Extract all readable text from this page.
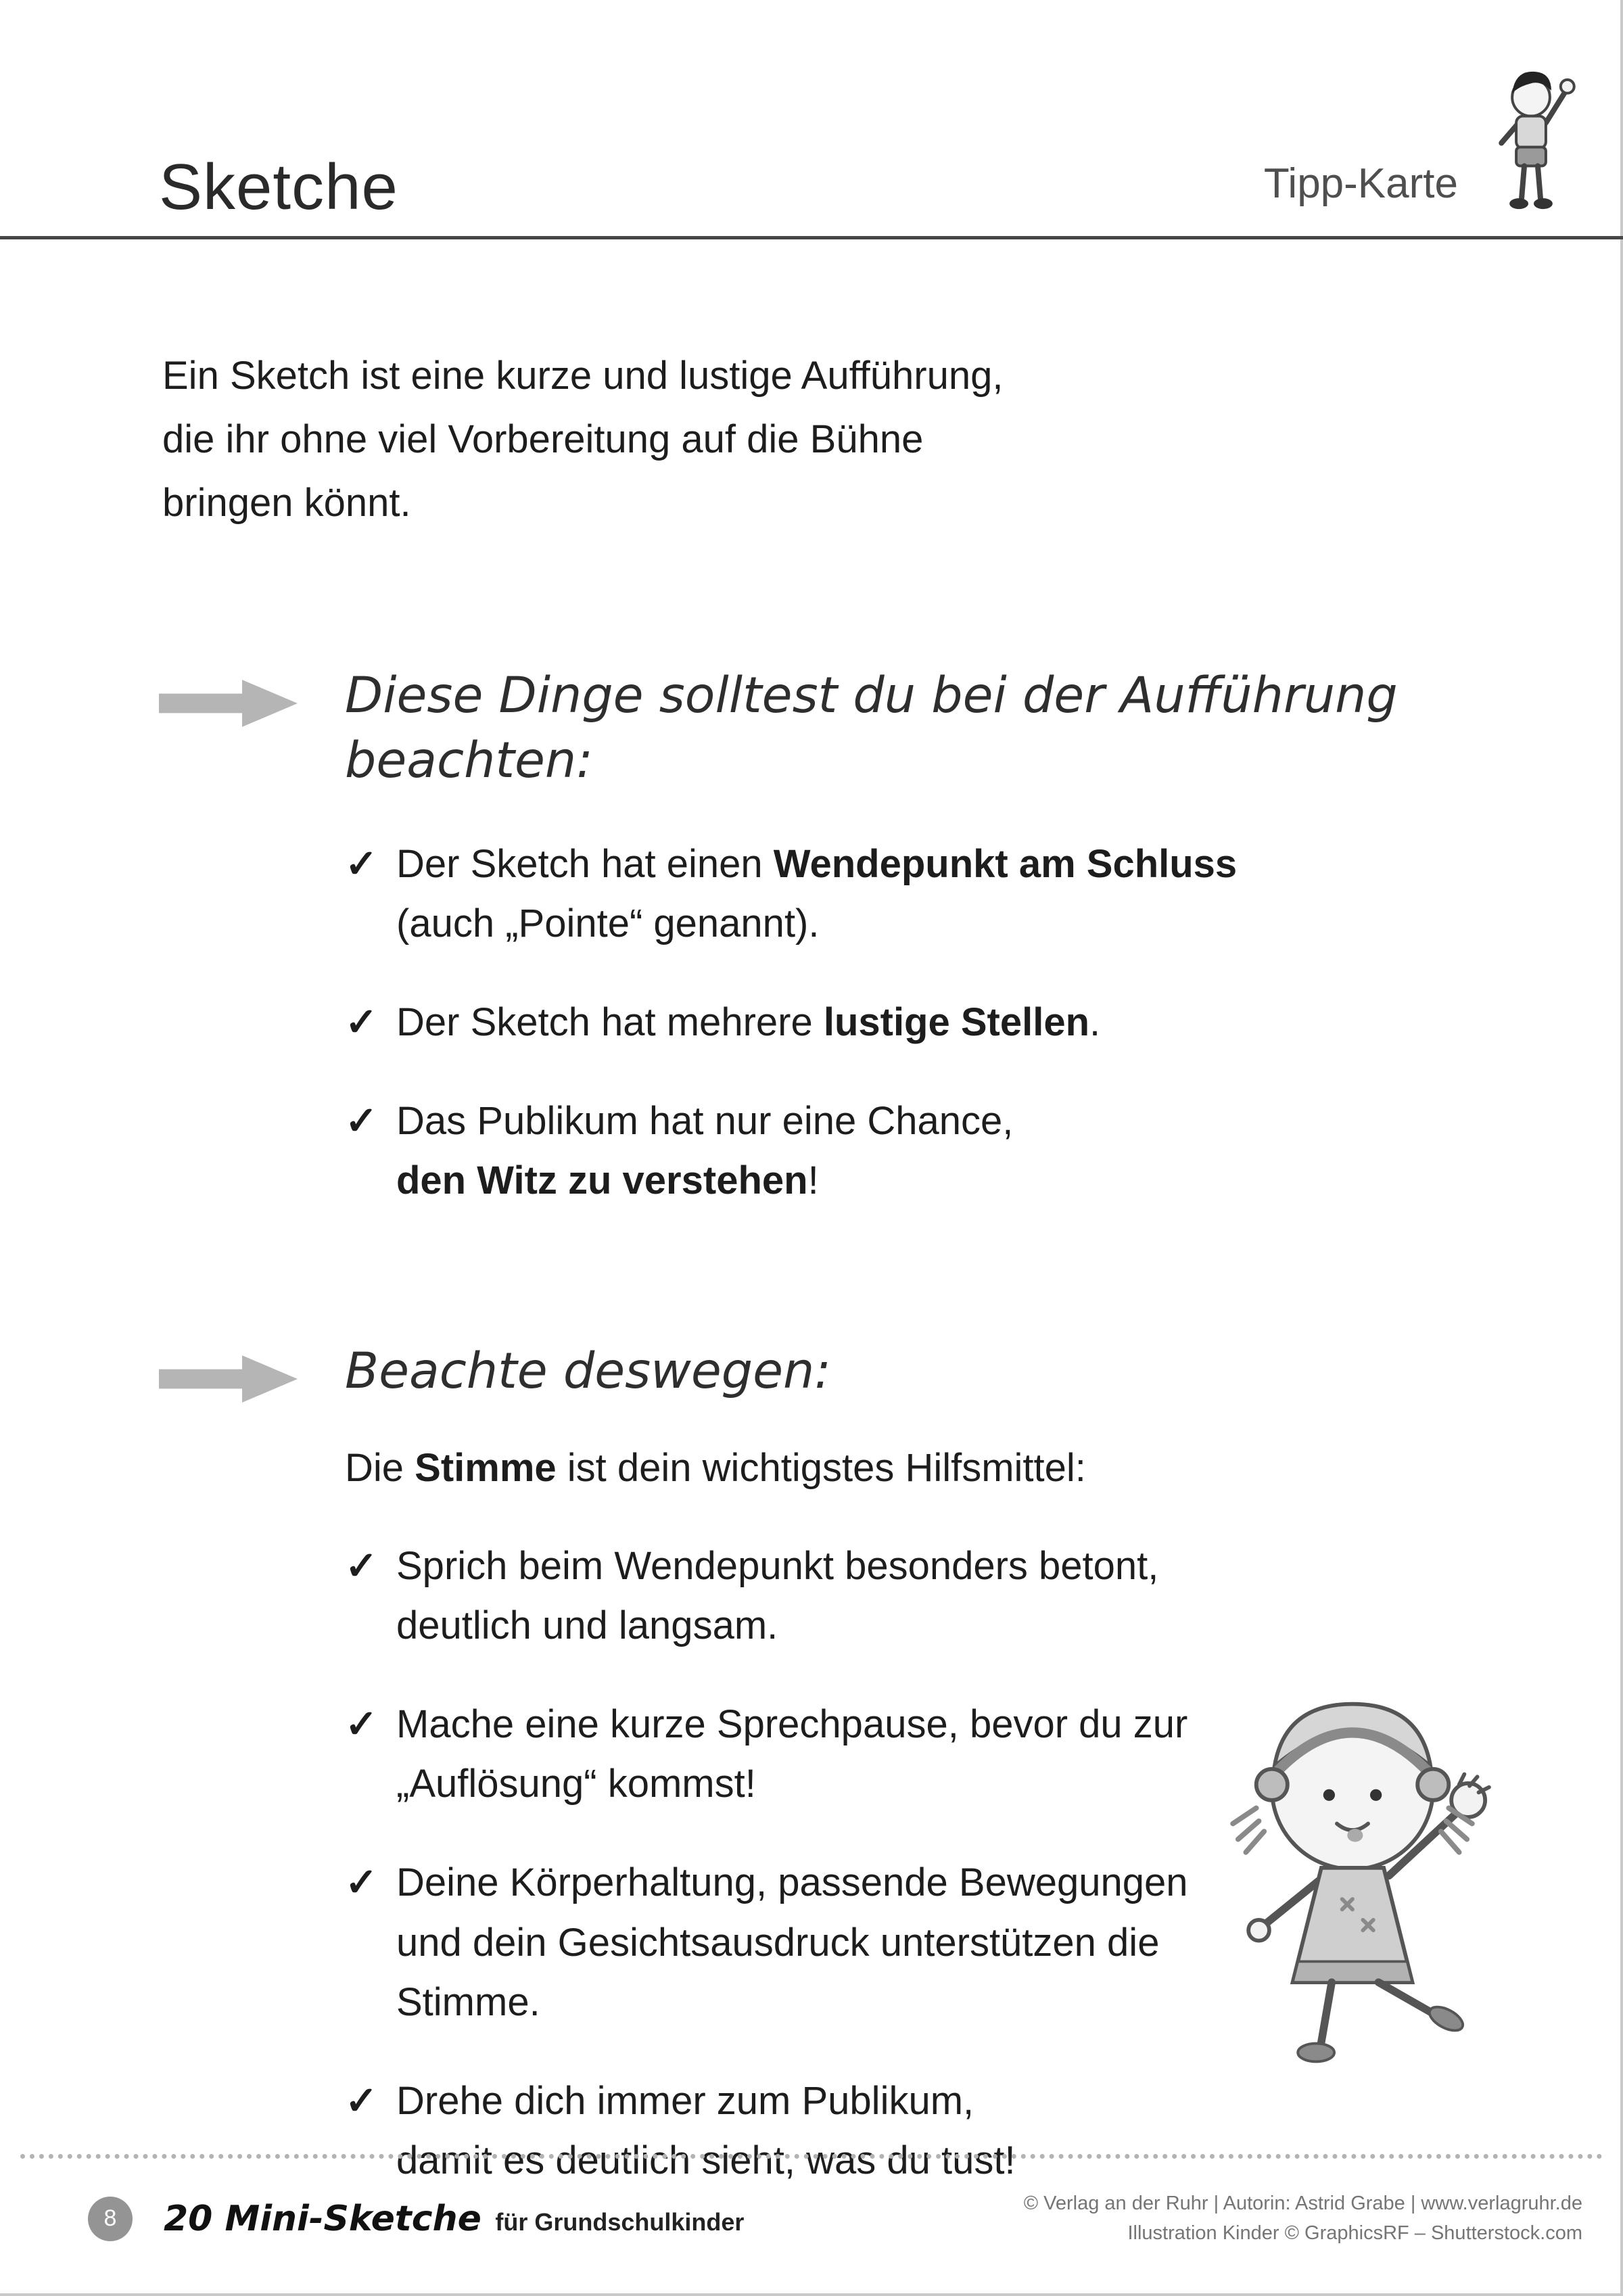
Sketche	Tipp-Karte

Ein Sketch ist eine kurze und lustige Aufführung,
die ihr ohne viel Vorbereitung auf die Bühne
bringen könnt.

Diese Dinge solltest du bei der Aufführung
beachten:
✓ Der Sketch hat einen Wendepunkt am Schluss
(auch „Pointe“ genannt).

✓ Der Sketch hat mehrere lustige Stellen.

✓ Das Publikum hat nur eine Chance,
den Witz zu verstehen!

Beachte deswegen:

Die Stimme ist dein wichtigstes Hilfsmittel:

✓ Sprich beim Wendepunkt besonders betont,
deutlich und langsam.

✓ Mache eine kurze Sprechpause, bevor du zur
„Auflösung“ kommst!

✓ Deine Körperhaltung, passende Bewegungen
und dein Gesichtsausdruck unterstützen die
Stimme.

✓ Drehe dich immer zum Publikum,
damit es deutlich sieht, was du tust!

8	20 Mini-Sketche für Grundschulkinder
© Verlag an der Ruhr | Autorin: Astrid Grabe | www.verlagruhr.de
Illustration Kinder © GraphicsRF – Shutterstock.com
